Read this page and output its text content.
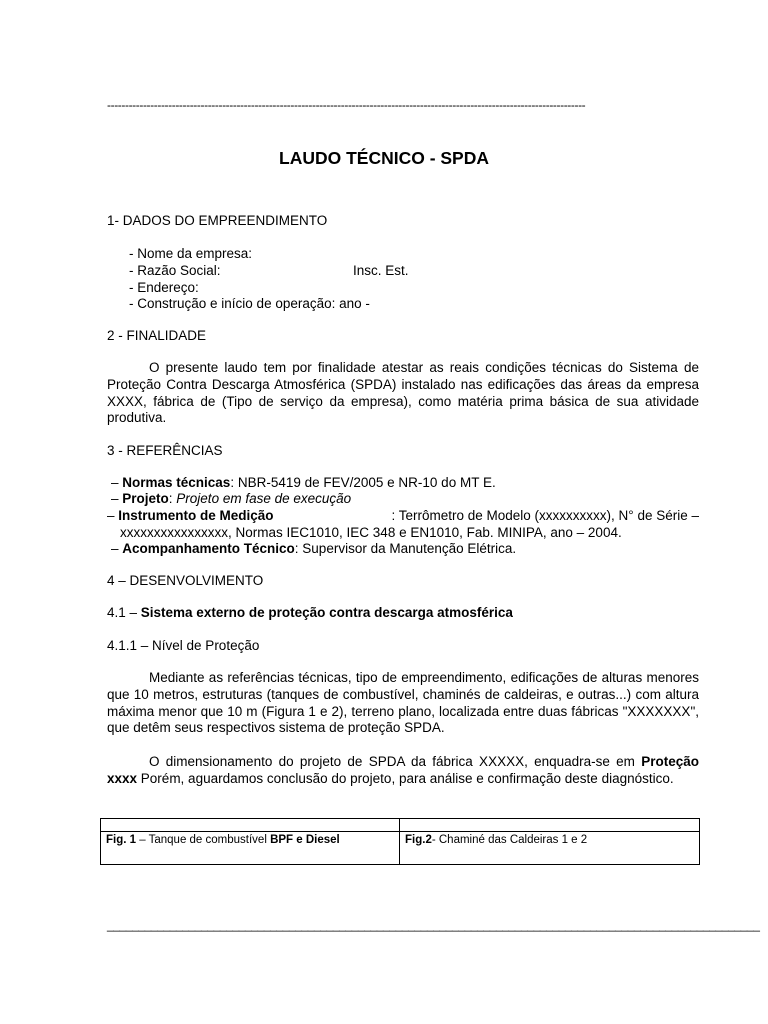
-------------------------------------------------------------------------------------------------------------------------------------
LAUDO TÉCNICO - SPDA
1- DADOS DO EMPREENDIMENTO
- Nome da empresa:
- Razão Social:	Insc. Est.
- Endereço:
- Construção e início de operação: ano -
2 - FINALIDADE
O presente laudo tem por finalidade atestar as reais condições técnicas do Sistema de Proteção Contra Descarga Atmosférica (SPDA) instalado nas edificações das áreas da empresa XXXX, fábrica de (Tipo de serviço da empresa), como matéria prima básica de sua atividade produtiva.
3 - REFERÊNCIAS
– Normas técnicas: NBR-5419 de FEV/2005 e NR-10 do MT E.
– Projeto: Projeto em fase de execução
– Instrumento de Medição	: Terrômetro de Modelo (xxxxxxxxxx), N° de Série –
xxxxxxxxxxxxxxxx, Normas IEC1010, IEC 348 e EN1010, Fab. MINIPA, ano – 2004.
– Acompanhamento Técnico: Supervisor da Manutenção Elétrica.
4 – DESENVOLVIMENTO
4.1 – Sistema externo de proteção contra descarga atmosférica
4.1.1 – Nível de Proteção
Mediante as referências técnicas, tipo de empreendimento, edificações de alturas menores que 10 metros, estruturas (tanques de combustível, chaminés de caldeiras, e outras...) com altura máxima menor que 10 m (Figura 1 e 2), terreno plano, localizada entre duas fábricas "XXXXXXX", que detêm seus respectivos sistema de proteção SPDA.
O dimensionamento do projeto de SPDA da fábrica XXXXX, enquadra-se em Proteção xxxx Porém, aguardamos conclusão do projeto, para análise e confirmação deste diagnóstico.

Fig. 1 – Tanque de combustível BPF e Diesel	Fig.2- Chaminé das Caldeiras 1 e 2
________________________________________________________________________________________________________
